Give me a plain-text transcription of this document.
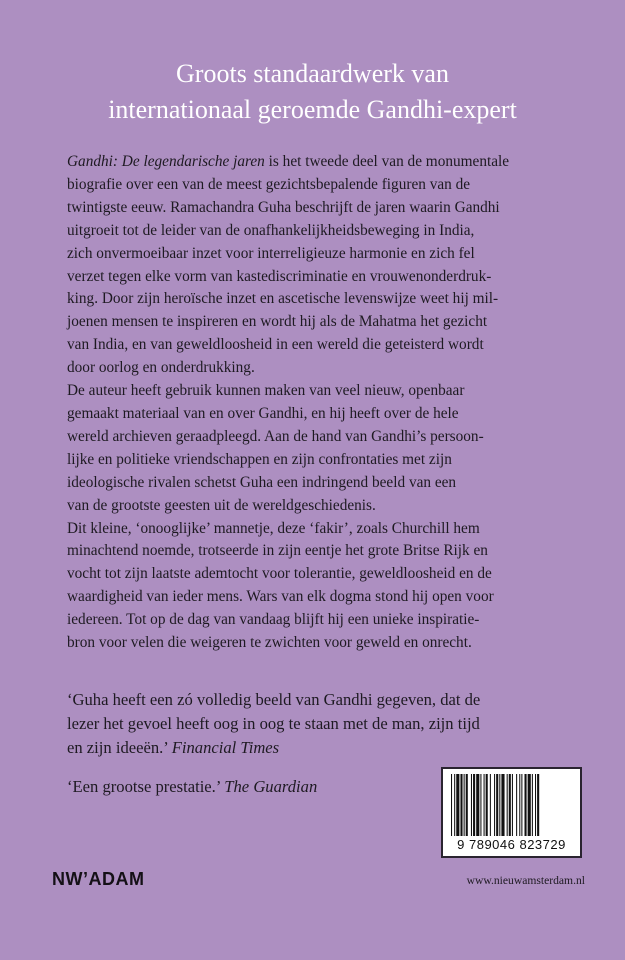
Groots standaardwerk van
internationaal geroemde Gandhi-expert
Gandhi: De legendarische jaren is het tweede deel van de monumentale
biografie over een van de meest gezichtsbepalende figuren van de
twintigste eeuw. Ramachandra Guha beschrijft de jaren waarin Gandhi
uitgroeit tot de leider van de onafhankelijkheidsbeweging in India,
zich onvermoeibaar inzet voor interreligieuze harmonie en zich fel
verzet tegen elke vorm van kastediscriminatie en vrouwenonderdruk-
king. Door zijn heroïsche inzet en ascetische levenswijze weet hij mil-
joenen mensen te inspireren en wordt hij als de Mahatma het gezicht
van India, en van geweldloosheid in een wereld die geteisterd wordt
door oorlog en onderdrukking.
De auteur heeft gebruik kunnen maken van veel nieuw, openbaar
gemaakt materiaal van en over Gandhi, en hij heeft over de hele
wereld archieven geraadpleegd. Aan de hand van Gandhi’s persoon-
lijke en politieke vriendschappen en zijn confrontaties met zijn
ideologische rivalen schetst Guha een indringend beeld van een
van de grootste geesten uit de wereldgeschiedenis.
Dit kleine, ‘onooglijke’ mannetje, deze ‘fakir’, zoals Churchill hem
minachtend noemde, trotseerde in zijn eentje het grote Britse Rijk en
vocht tot zijn laatste ademtocht voor tolerantie, geweldloosheid en de
waardigheid van ieder mens. Wars van elk dogma stond hij open voor
iedereen. Tot op de dag van vandaag blijft hij een unieke inspiratie-
bron voor velen die weigeren te zwichten voor geweld en onrecht.
‘Guha heeft een zó volledig beeld van Gandhi gegeven, dat de
lezer het gevoel heeft oog in oog te staan met de man, zijn tijd
en zijn ideeën.’ Financial Times
‘Een grootse prestatie.’ The Guardian
9 789046 823729
NW’ADAM	www.nieuwamsterdam.nl
